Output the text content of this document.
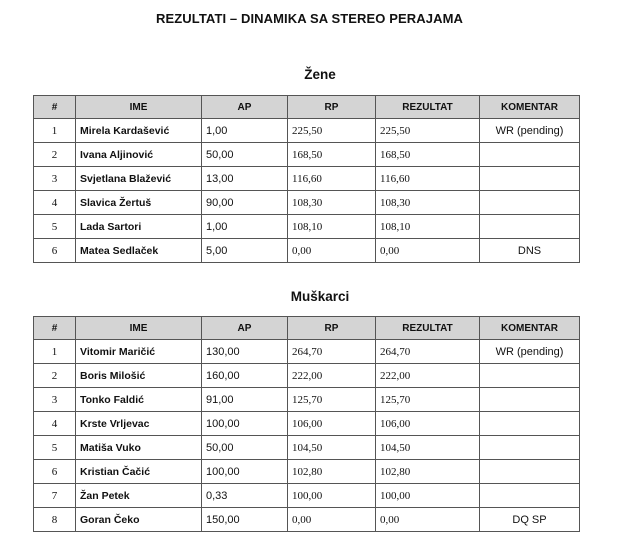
REZULTATI – DINAMIKA SA STEREO PERAJAMA
Žene
#	IME	AP	RP	REZULTAT	KOMENTAR
1	Mirela Kardašević	1,00	225,50	225,50	WR (pending)
2	Ivana Aljinović	50,00	168,50	168,50	
3	Svjetlana Blažević	13,00	116,60	116,60	
4	Slavica Žertuš	90,00	108,30	108,30	
5	Lada Sartori	1,00	108,10	108,10	
6	Matea Sedlaček	5,00	0,00	0,00	DNS
Muškarci
#	IME	AP	RP	REZULTAT	KOMENTAR
1	Vitomir Maričić	130,00	264,70	264,70	WR (pending)
2	Boris Milošić	160,00	222,00	222,00	
3	Tonko Faldić	91,00	125,70	125,70	
4	Krste Vrljevac	100,00	106,00	106,00	
5	Matiša Vuko	50,00	104,50	104,50	
6	Kristian Čačić	100,00	102,80	102,80	
7	Žan Petek	0,33	100,00	100,00	
8	Goran Čeko	150,00	0,00	0,00	DQ SP
